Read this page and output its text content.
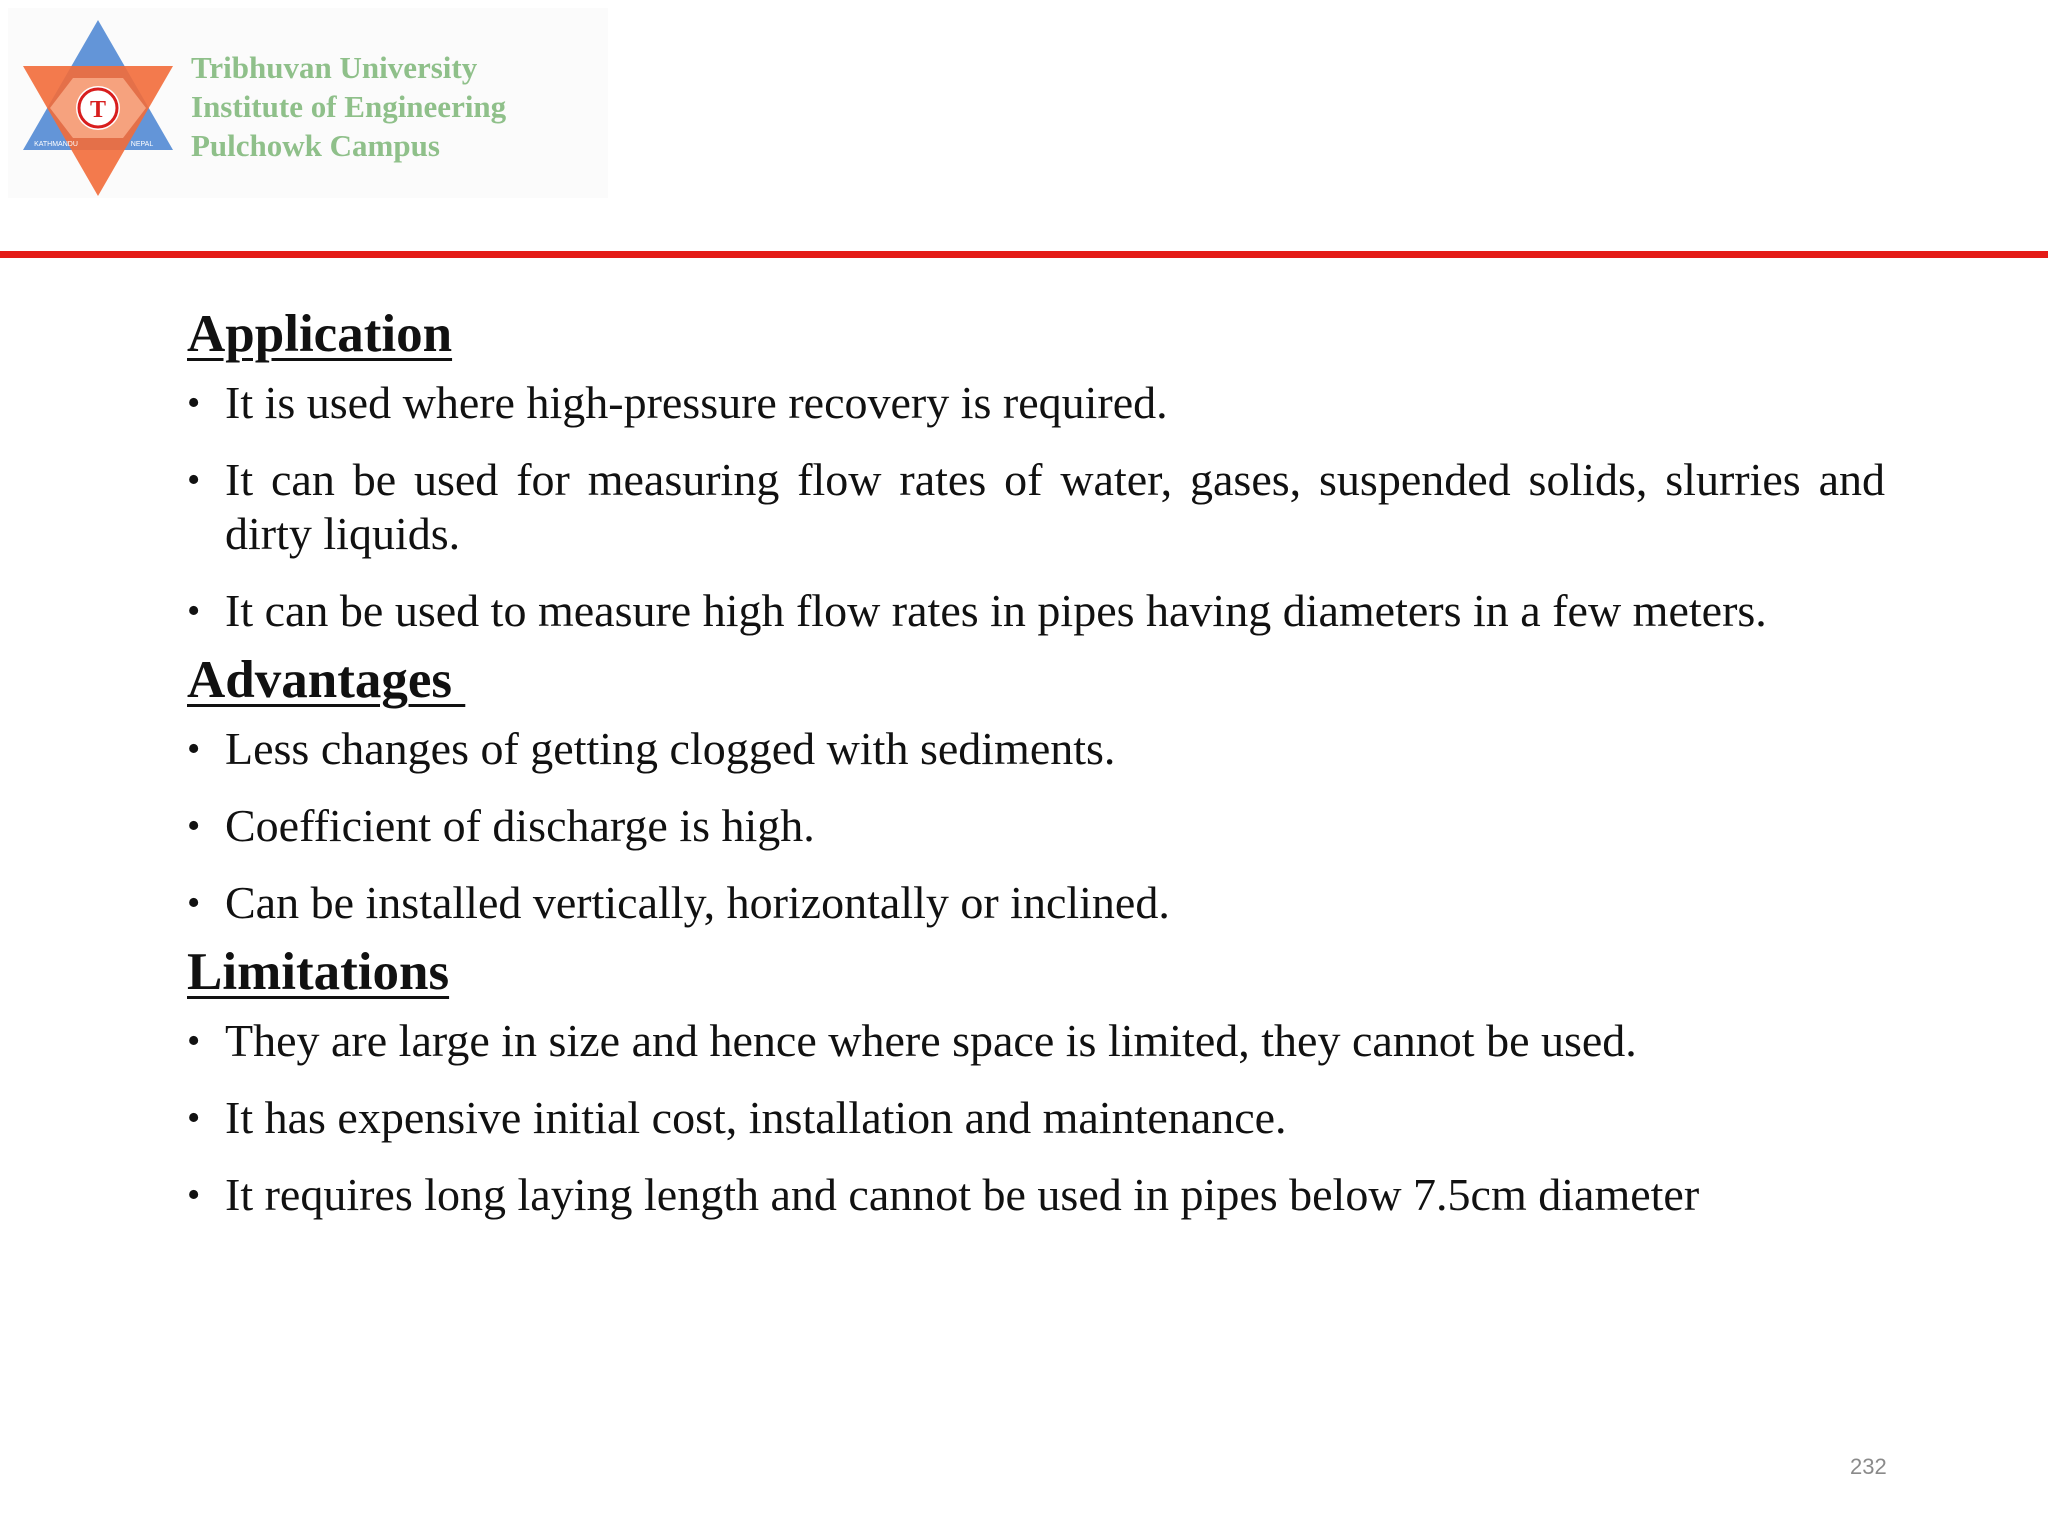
T
KATHMANDU	NEPAL
Tribhuvan University
Institute of Engineering
Pulchowk Campus
Application
• It is used where high-pressure recovery is required.
• It can be used for measuring flow rates of water, gases, suspended solids, slurries and dirty liquids.
• It can be used to measure high flow rates in pipes having diameters in a few meters.
Advantages
• Less changes of getting clogged with sediments.
• Coefficient of discharge is high.
• Can be installed vertically, horizontally or inclined.
Limitations
• They are large in size and hence where space is limited, they cannot be used.
• It has expensive initial cost, installation and maintenance.
• It requires long laying length and cannot be used in pipes below 7.5cm diameter
232
